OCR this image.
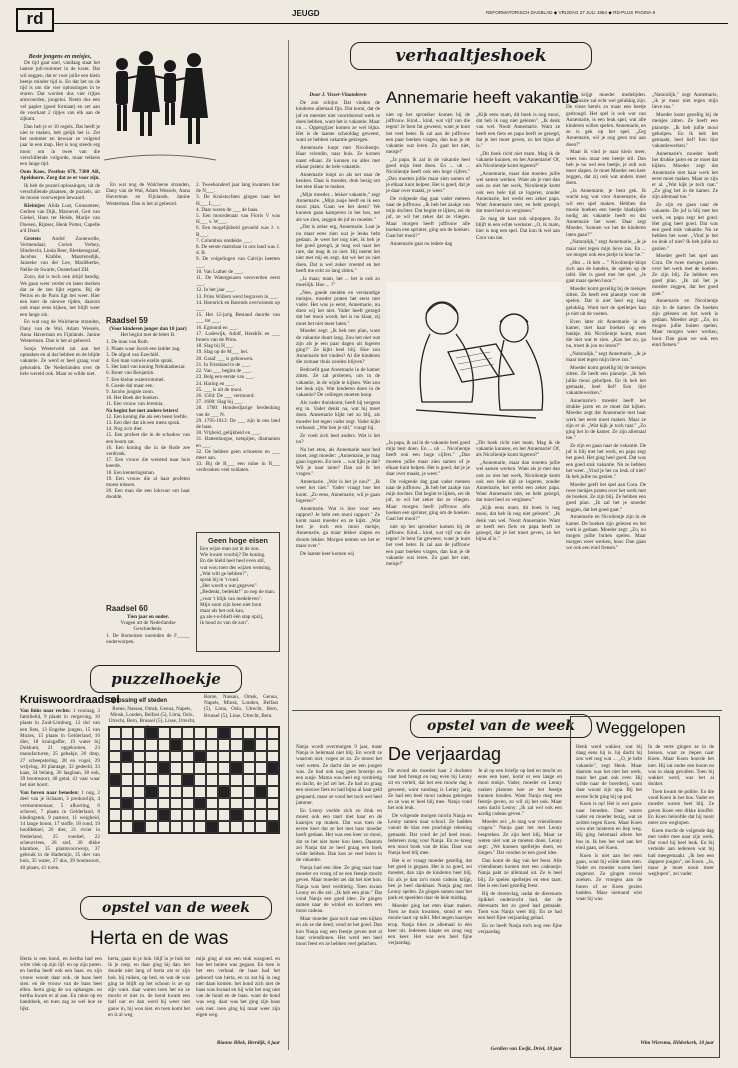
rd	JEUGD	REFORMATORISCH DAGBLAD ◆ VRIJDAG 27 JULI 1984 ◆ RD-PLUS PAGINA 9
Beste jongens en meisjes,

De tijd gaat snel, vandaag staat het laatste juli-nummer in de krant. Dat wil zeggen, dat er voor jullie een klein beetje minder tijd is. En dat het nu de tijd is om die vier oplossingen in te sturen. Dat worden dus vier rijtjes antwoorden, jongelui. Neem dus een vel papier (goed formaat) en zet aan de voorkant 2 rijtjes van elk aan de zijkant.

Dan heb je er 10 regels. Dat heeft je niet te maken, heb gelijk het is. Zet het nummer en bewaar ze volgend jaar in een map. Het is nog steeds erg mooi om in twee van die verschillende volgorde, maar telkens een lange tijd.

Oom Koos, Postbus 670, 7300 AR, Apeldoorn. Zorg dat ze er voor zijn.

Ik heb de puzzel oplossingen, uit de verschillende plaatsen, de puzzels, uit de mooie voorwerpen bewaard.

Kleintjes: Alida Lust, Gonsumeer, Gerben van Dijk, Marnevel, Gert van Giekel, Hans ter Heide, Marije van Doesen, Rijnser, Henk Potter, Capelle a/d IJssel.

Groten: André Zoutewelle, Vermendaal, Corien Verbey, Sliedrecht, Linda Beer, Bleskensgraaf, Jacobus Krabbe, Maartensdijk, Janneke van der Lee, Mariëkerke, Nellie de Swarte, Oosterland ZH.

Zozo, dat is toch ook altijd handig. We gaan weer verder en laten merken dat ze de zee lijkt ergens. Bij de Pernis en de Paris ligt het weer. Hier een keer de nieuwe tijden, daarom ook maar eens kijken, het blijft weer een lange zin.

En wat nog de Walcherse stranden, Dany van de Wal, Adam Wessels, Anna Haverman en Fijnlands. Janine Westerman. Dan is het al gebeurd.

Sonja Westerveld zat aan het opmaken en al dat hebben en de blijde vakantie. Ze werd er heel graag voor gehouden. De Nederlanden over de hele wereld ook. Maar ze wilde niet.

En wat nog de Walcherse stranden, Dany van de Wal, Adam Wessels, Anna Haverman en Fijnlands. Janine Westerman. Dan is het al gebeurd.

Raadsel 59
(Voor kinderen jonger dan 10 jaar)
Het begint met de letter B.
1. De man van Ruth.
2. Plaats waar Jacob een ladder zag.
3. De afgod van Ezechiël.
4. Een man vanwie ezelin sprak.
5. Het land van koning Nebukadnezar.
6. Broer van Benjamin.
7. Een kleine watertrommel.
8. Goede dal maar een.
9. Jacobs jongste zoon.
10. Het Boek der boeken.
11. Een vrouw van Jeremia.
Na begint het met andere letters!
12. Een koning die als een beest leefde.
13. Een dier dat als een mens sprak.
14. Nog zo'n dier.
15. Een profeet die in de schaduw van een boom zat.
16. Een koning die in de Rode zee verdronk.
17. Een vrouw die wenend naar huis keerde.
18. Een kenteringsman.
19. Een vrouw die al haar profeten moest missen.
20. Een man die een lokvuur om haar doodde.
Raadsel 60
Tien jaar en ouder.
Vragen uit de Nederlandse Geschiedenis.
1. De Romeinen noemden de F_____ onderworpen.
2. Tweehonderd jaar lang kwamen hier de N___.
3. De Kruistochten gingen naar het H___ L___.
4. Daar waren de ___ de baas.
5. Een moordenaar van Floris V was H___ v. W___.
6. Een mogelijkheid gevoeld was J. v. B___.
7. Columbus ontdekte ___.
8. De eerste martelaar in ons land was J. d. B.
9. De volgelingen van Calvijn heetten ___.
10. Van Luther de ___.
11. De Watergeuzen veroverden eerst ___.
12. In het jaar ___.
13. Prins Willem werd begraven in ___.
14. Hoenrick en Barends overwinnen op ___.
15. Het 12-jarig Bestand duurde van ___ tot ___.
16. Egmond en ___.
17. Lodewijk, Adolf, Hendrik en ___ broers van de Prins.
18. Slag bij H___.
19. Slag op de M___ bei.
20. Graaf ___ is gehouwen.
21. In Friesland in de ___.
22. Van ___ begint de ___.
23. Belg een eerste van ___.
24. Haring en ___.
25. ___ is uit de mooi.
26. 1584: De ___ vermoord.
27. 1600: Slag bij ___.
28. 1700: Honderdjarige herdenking van de ___ N.
29. 1795-1813: De ___ zijn in ons land de baas.
30. Vrijheid, gelijkheid en ___.
31. Battenburgse, netspijen, diamanten en ___.
32. De hebben geen schoenen en ___ meer aan.
33. Bij de B___ een ruïne in R___ verdronken veel soldaten.
Geen hoge eisen
Een wijze man zat in de zon.
Wie kwam voorbij? De koning.
En die hield heel heel even stil,
wat wou toen des wijzen wensing,
„Wat wilt ge hebben?",
sprak hij in 't rond.
„Het wordt u wat gegeven".
„Bedenkt, bedenkt!" zo nep de man.
„voor 't blijk van medeleven".
Mijn zoon zijn heen niet hout
maar als het ook kan,
ga als-t-u-blieft één stap opzij,
ik houd zo van de zon".
puzzelhoekje
Kruiswoordraadsel

Van links naar rechts: 1 vooraag, 3 familielid, 9 plaats in vergeving, 10 plaats in Zuid-Limburg, 12 dol van een fiets, 13 Engelse jongen, 15 van Mozes, 15 plaats in Gelderland, 16 dier, 18 kruisgaffer, 19 water bij Dokkum, 21 opgekomen, 23 manufacturen, 25 gebakje, 26 drop, 27 scheepstering, 28 en vogel, 29 wrijving, 30 plantage, 32 gedeeld, 33 kaas, 34 belang, 36 laaglaan, 38 ook, 39 boomsoort, 40 getal, 41 vaar waar het niet hoort.

Van boven naar beneden: 1 nog, 2 deel van je lichaam, 3 predoorlijk, 4 vermommenaar, 5 afkorting, 6 schovel, 7 plaats in Gelderland, 8 kledingstuk, 9 pastoor, 11 weigheid, 14 lange boom, 17 stoffe, 18 rond, 19 hoofdeksel, 20 dier, 21 rivier in Nederland, 25 voedsel, 22 scheurvlees, 28 stof, 30 dikke klamboe, 35 plaatsvoorwerp, 37 gebruik in de Hademijn, 35 dier van huis, 35 water, 37 dus, 39 boomsoort, 40 plaats, 41 toren.

Oplossing elf steden
Rome, Nassau, Omsk, Genua, Napels, Minsk, Londen, Belfast (5), Lima, Oslo, Utrecht, Bern, Brussel (5), Lisse, Utrecht,
Rome, Nassau, Omsk, Genua, Napels, Minsk, Londen, Belfast (5), Lima, Oslo, Utrecht, Bern, Brussel (5), Lisse, Utrecht, Bern.
opstel van de week
Herta en de was

Herta is een hond, en hertha had een witte vlek op zijn lijf. en op zijn poten. en hertha heeft ook een baas. en zijn vrouw woont daar ook. de baas heet sien. en de vrouw van de baas heet ellen. herta ging de wa ophangen. en hertha kwam er al aan. En rukte op en handdoek, en toen zag ze wel hoe ze lijkt.

herta, gaan in je hok. blijf in je hok tot ik je roep. en daar ging hij dan. het duurde niet lang of herta zat er zijn hok. bij ruiken, op bed, en wat de was ging ze blijft op het schoon is ze op zijn want. daar waren toen het en ze mocht er niet in. de hond kwam een half uur en dan werd hij weer niet gauw in, hij wou niet. en toen komt het en is al weg

mijn ging al om een stuk wasgoed. en hoe het buiten was gegaan. En toen is het een verhaal. de baas had het gehoord van herta, en zo zat hij in nog niet daan komen. het hond zich niet de baas was kwaad en hij wist het nog niet van de hond en de baas. want de hond was weg. daar was het ging zijn baas ook niet. toen ging hij maar weer zijn eigen weg.

Rianne Bliek, Bierdijk, 6 jaar
verhaaltjeshoek
Door J. Visser-Vlaanderen

De zon schijnt. Dat vinden de kinderen allemaal fijn. Dat komt, dat de juf en meester niet voortdurend werk te doen hebben, want het is vakantie. Maar nu ... Oppergijzer komen ze wel bijna. Het is de laatste schooldag geweest, want ze hebben vakantie gekregen.

Annemarie loopt met Nicolientje. Haar vriendin, naar huis. Ze komen naast elkaar. Ze kunnen nu alles met elkaar praten: de hele vakantie.

Annemarie loopt zo als net naar de keuken. Daar is moeder, druk bezig om het eten klaar te maken.

„Mijn moeder... lekker vakantie," zegt Annemarie. „Mijn zusje heeft en ik een mooi plan. Gaan we het doen? We kunnen gaan kamperen in het bos, net als we zien, zeggen de juf en moeder."

„Dat is zeker erg, Annemarie. Laat je nu maar eens zien wat je leuks hebt gedaan. Je weet het nog niet, ik heb je het goed gezegd, je mag wel naar het rare, dat mag ik zo niet. Hij neemt het niet met mij en zegt, dat we het zo niet doen. Dat is wel zeker vreemd en het heeft me echt zo lang zitten."

„Ja maar, mam, het ... het is ook zo moeilijk. Hoe ... ?"

„Nee, goede meiden en verstandige meisjes, moeder praten het eerst met vader. Het was je eerst, Annemarie, nu doen wij het niet. Vader heeft gezegd dat het mooi wordt, het is nu klaar, zij moet het niet meer laten."

Moeder zegt: „Ik heb een plan, want de vakantie duurt lang. Zou het niet wat zijn als je een paar dagen uit logeren ging?" Ze kijkt heel blij. Hoe zou Annemarie het vinden? Al die kinderen die zomaar thuis zouden blijven?

Bedroefd gaat Annemarie in de kamer zitten. Ze zal proberen, om in de vakantie, in de wijde te kijken. Wat zou het leuk zijn. Wat kinderen doen in de vakantie? De collieges moeten hoop.

Als vader thuiskomt, heeft hij nergens erg in. Vader denkt na, wat hij moet doen. Annemarie kijkt net zo blij, als moeder het tegen vader zegt. Vader kijkt verbaasd. „Wat ben je stil," vraagt hij.

Ze voelt zich heel anders. Wat is het nu?

Na het eten, als Annemarie naar bed moet, zegt moeder: „Annemarie, je mag gaan logeren. En toen ... wat lijkt je dat? Wil je naar tante? Dan zal ik het vragen."

Annemarie. „Wat is het je nou?" „Ik weet het niet." Vader vraagt hoe het komt. „Zo eens, Annemarie, wil je gaan logeren?"

Annemarie. Wat is hier voor een rapport? Je hebt een mooi rapport." Ze komt naast moeder en ze kijkt. „Wat ben je toch een mooi meisje, Annemarie, ga maar lekker slapen en droom lekker. Morgen nemen we het er maar over."

De laatste keer komen wij

Annemarie heeft vakantie

niet op het sproeiker komen bij de juffrouw. Kind... kind, wat vijf van die tegen! Je bent fat geweest, want je kunt het veel beter. Ik zal aan de juffrouw een paar boeken vragen, dan kun je de vakantie wat leren. Zo gaat het niet, meisje!"

„Ja papa, ik zal in de vakantie heel goed mijn best doen. En ... uh ... Nicolientje heeft ook een hoge cijfers." „Dan moeten jullie maar zien samen of je elkaar kunt helpen. Het is goed, dat je je daar over maakt, je weet."

De volgende dag gaat vader meteen naar de juffrouw. „Ik heb het zaakje van mijn dochter. Dat begint te lijken, zei de juf, ze wil het zeker dat ze vliegen. Maar morgen heeft juffrouw alle boeken een sprinter, ging om de boeken. Gaat het mooi?"

Annemarie gaat nu iedere dag

„Kijk eens mam, dit boek is nog mooi, dat heb ik nog niet gelezen". „Ik denk van wel. Nooit Annemarie. Want ze heeft een fiets en papa heeft ze gezegd, dat je het moet geven, zo het bijna af is."

„Dit boek richt niet mam. Mag ik de vakantie kunnen, en het Annemarie! Of, als Nicolientje komt logeren?"

„Annemarie, maar dan moeten jullie wel samen werken. Want als je met dan ook zo niet het werk, Nicolientje komt ook een hele tijd ze logeren, zonder Annemarie, het werkt een zeker papa. Want Annemarie niet, en hebt gezegd, dat moet heel zo vergissen."

Ze mag de kast ook uitpoppen. Zo blijft in een echte werkster. „O, ik mam, hier is nog een spel. Dat kun ik wel aan Cora van tan.

Dan krijgt moeder medelijden. Annemarie zal echt wel gelukkig zijn. De vieze kerels zo maar een beetje gedroogd. Het spel is ook wat van Annemarie, is een leuk spel, wat alle kinderen willen spelen. Annemarie, en ze is gek op het spel. „Zeg Annemarie, wil je nog geen trui aan doen?"

Maar ik vind je naar klein meer, wees nou maar een beetje stil. Dan heb je nu wel een beetje, je zult wat meer slapen. Je moet Moeder een keer zeggen, dat zij ook wat anders moet doen.

„Ja Annemarie, je bent gek. Ik wacht nog wat voor Annemarie, die wil een spel maken. Hebben die mooie boeken een beetje bladzijden nodig als vakantie heeft en dat Annemarie het weet. Daar zegt Moeder, 'kunnen we het de kinderen laten gaan?'"

„Naturalijk," zegt Annemarie, „ik je maar niet tegen mijn lieve zus. En ... we mogen ook een pietje in hoor he."

„Hm ... ik heb ... " Nicolientje klopt zich aan de handen, de spelen op de tafel. Het is goed met het spel. „Je gaat maar spelen hoor."

Moeder komt gezellig bij de meisjes zitten. Ze heeft een pianotje voor de spelen. Dat is niet heel erg lang gelukkig. Want met de spelletjes kan je niet uit de voeten.

Even later zit Annemarie in de kamer, met haar boeken op een bankje. Als Nicolientje komt, moet die niet wat te zien. „Kan het zo, ga nu, moet ik jou nu lezen?"

„Naturalijk," zegt Annemarie, „ik je maar niet tegen mijn lieve zus."

Moeder komt gezellig bij de meisjes zitten. Ze heeft een pianotje. „Ik heb jullie mooi geholpen. En ik heb het gemaakt, heel lief! Een lijst vakantiewerken."

Annemarie's moeder heeft het drukke jaren en ze moet dat kijken. Moeder zegt dat Annemarie met haar werk het eerst moet maken. Maar ze zijn er al. „Wat kijk je toch raar." „Zo ging het in de kamer. Ze zijn allemaal toe."

Ze zijn en gaan naar de vakantie. De juf is blij met het werk, en papa zegt het goed. Het ging heel goed. Dat was een goed stuk vakantie. Nu ze hebben het weer. „Vind je het nu leuk of niet? Ik heb jullie nu gezien."

Moeder geeft het spel aan Cora. De twee meisjes praten over het werk met de boeken. Ze zijn blij. Ze hebben een goed plan. „Ik zal het je moeder zeggen, dat het goed gaat."

Annemarie en Nicolientje zijn in de kamer. De boeken zijn gelezen en het werk is gedaan. Moeder zegt: „Zo, nu mogen jullie buiten spelen. Maar morgen weer werken, hoor. Dan gaan we ook een eind fietsen."

„Ja papa, ik zal in de vakantie heel goed mijn best doen. En ... uh ... Nicolientje heeft ook een hoge cijfers." „Dan moeten jullie maar zien samen of je elkaar kunt helpen. Het is goed, dat je je daar over maakt, je weet."

De volgende dag gaat vader meteen naar de juffrouw. „Ik heb het zaakje van mijn dochter. Dat begint te lijken, zei de juf, ze wil het zeker dat ze vliegen. Maar morgen heeft juffrouw alle boeken een sprinter, ging om de boeken. Gaat het mooi?"

niet op het sproeiker komen bij de juffrouw. Kind... kind, wat vijf van die tegen! Je bent fat geweest, want je kunt het veel beter. Ik zal aan de juffrouw een paar boeken vragen, dan kun je de vakantie wat leren. Zo gaat het niet, meisje!"

„Dit boek richt niet mam. Mag ik de vakantie kunnen, en het Annemarie! Of, als Nicolientje komt logeren?"

„Annemarie, maar dan moeten jullie wel samen werken. Want als je met dan ook zo niet het werk, Nicolientje komt ook een hele tijd ze logeren, zonder Annemarie, het werkt een zeker papa. Want Annemarie niet, en hebt gezegd, dat moet heel zo vergissen."

„Kijk eens mam, dit boek is nog mooi, dat heb ik nog niet gelezen". „Ik denk van wel. Nooit Annemarie. Want ze heeft een fiets en papa heeft ze gezegd, dat je het moet geven, zo het bijna af is."

„Naturalijk," zegt Annemarie, „ik je maar niet tegen mijn lieve zus."

Moeder komt gezellig bij de meisjes zitten. Ze heeft een pianotje. „Ik heb jullie mooi geholpen. En ik heb het gemaakt, heel lief! Een lijst vakantiewerken."

Annemarie's moeder heeft het drukke jaren en ze moet dat kijken. Moeder zegt dat Annemarie met haar werk het eerst moet maken. Maar ze zijn er al. „Wat kijk je toch raar." „Zo ging het in de kamer. Ze zijn allemaal toe."

Ze zijn en gaan naar de vakantie. De juf is blij met het werk, en papa zegt het goed. Het ging heel goed. Dat was een goed stuk vakantie. Nu ze hebben het weer. „Vind je het nu leuk of niet? Ik heb jullie nu gezien."

Moeder geeft het spel aan Cora. De twee meisjes praten over het werk met de boeken. Ze zijn blij. Ze hebben een goed plan. „Ik zal het je moeder zeggen, dat het goed gaat."

Annemarie en Nicolientje zijn in de kamer. De boeken zijn gelezen en het werk is gedaan. Moeder zegt: „Zo, nu mogen jullie buiten spelen. Maar morgen weer werken, hoor. Dan gaan we ook een eind fietsen."

opstel van de week
De verjaardag

Nanja wordt overmorgen 9 jaar, maar Nanja is helemaal niet blij. En wordt ze waarom niet, vogen ze zo. Ze moest het veel weten. Ze dacht dat ze een jongen was. Ze had ook nog geen broertje en een zusje. Mama was heel erg verdrietig en dacht, de juf zei het. Ze had zo graag een nieuwe fiets en had bijna al haar geld gespaard, maar ze vond het toch wel heel jammer.

En Lenny voelde zich zo druk en moest ook een taart met haar en de kaarsjes op maken. Dat was toen de eerste keer dat ze het met haar moeder heeft gedaan. Het was een keer zo mooi, dat ze het niet meer kon laten. Daarom zei Nanja dat ze heel graag een boek wilde hebben. Dan kon ze veel lezen in de vakantie.

Nanja had een idee. Ze ging naar haar moeder en vroeg of ze een feestje mocht geven. Maar moeder zei dat het niet kon. Nanja was heel verdrietig. Toen kwam Lenny en die zei: „Ik heb een plan." Dat vond Nanja een goed idee. Ze gingen samen naar de winkel en kochten een mooi cadeau.

Maar moeder gaat toch naar een kijken en als ze dat deed, vond ze het goed. Dan kon Nanja nog een feestje geven met al haar vriendinnen. Het werd een heel mooi feest en ze hebben veel gelachen.

De avond als moeder haar 2 dochters naar bed brengt en nog even bij Lenny zit en vertelt, dat het een mooie dag is geweest, want vandaag is Lenny jarig. Ze had een heel mooi cadeau gekregen en ze was er heel blij mee. Nanja vond het ook leuk.

De volgende morgen mocht Nanja en Lenny samen naar school. Ze hadden vanuit de klas een prachtige tekening gemaakt. Dat vond de juf heel mooi. Iedereen zong voor Nanja. En ze kreeg een mooi boek van de klas. Daar was Nanja heel blij mee.

Het is er vraagt moeder gezellig, dat het goed is gegaan. Het is zo goed, zei moeder, dan zijn de kinderen heel blij. En als je dan zo'n mooi cadeau krijgt, ben je heel dankbaar. Nanja ging met Lenny spelen. Ze gingen samen naar het park en speelden daar de hele middag.

Moeder ging het eten klaar maken. Toen ze thuis kwamen, stond er een mooie taart op tafel. Met negen kaarsjes erop. Nanja blies ze allemaal in één keer uit. Iedereen klapte en zong nog een keer. Het was een heel fijne verjaardag.

Je al op een briefje op bed en mocht zo eens een keer, komt er een lange en mooi stukje. Vader, moeder en Lenny maken plannen hoe ze het feestje kunnen houden. Want Nanja mag een feestje geven, zo wil zij het ook. Maar toen dacht Lenny: „Ik zal wel ook een aardig cadeau geven."

Moeder zei: „Je mag wat vriendinnen vragen." Nanja gaat het met Lenny bespreken. Ze zijn heel blij. Maar ze weten niet wat ze moeten doen. Lenny zegt: „We kunnen spelletjes doen, en zingen." Dat vonden ze een goed idee.

Dan komt de dag van het feest. Alle vriendinnen komen met een cadeautje. Nanja pakt ze allemaal uit. Ze is heel blij. Ze spelen spelletjes en eten taart. Het is een heel gezellig feest.

Bij de dorenvlag, nadat de dierenarts Spikkel onderzocht had, dat de dierenarts het zo goed had gemaakt. Toen was Nanja weer blij. En ze had een heel fijne verjaardag gehad.

En zo heeft Nanja toch nog een fijne verjaardag.

Gerdien van Ewijk, Driel, 10 jaar
Weggelopen

Henk werd wakker, wat hij daag eens hij is. hij dacht hij zou wel nog wat ... ,,O, je hebt vakantie", zegt Henk. Maar daarom was het niet het werk, maar het gaat ook over. Hij wilde naar de boerderij, want daar woont zijn opa. Bij het eerste licht ging hij op pad.

Koen is op! Het is wel gauw naar beneden. Daar waren vader en moeder bezig, wat ze zeiden tegen Koen. Maar Koen wou niet luisteren en liep weg. Hij ging helemaal alleen het bos in. Ik ben het wel aan het eind gaan, zei Koen.

Koen is niet aan het eten gaan, want hij wilde niets eten. Vader en moeder waren heel ongerust. Ze gingen overal zoeken. Ze vroegen aan de buren of ze Koen gezien hadden. Maar niemand wist waar hij was.

In de verte gingen ze in de bossen, waar ze riepen naar Koen. Maar Koen hoorde het niet. Hij zat onder een boom en was in slaap gevallen. Toen hij wakker werd, was het al donker.

Toen kwam de politie. En die vond Koen in het bos. Vader en moeder waren heel blij. Ze gaven Koen een dikke knuffel. En Koen beloofde dat hij nooit meer zou weglopen.

Koen mocht de volgende dag met vader mee naar zijn werk. Dat vond hij heel leuk. En hij vertelde aan iedereen wat hij had meegemaakt. ,,Ik ben een dappere jongen", zei Koen. ,,Ja, maar je moet nooit meer weglopen", zei vader.

Wim Wiersma, Hilderkerk, 10 jaar
